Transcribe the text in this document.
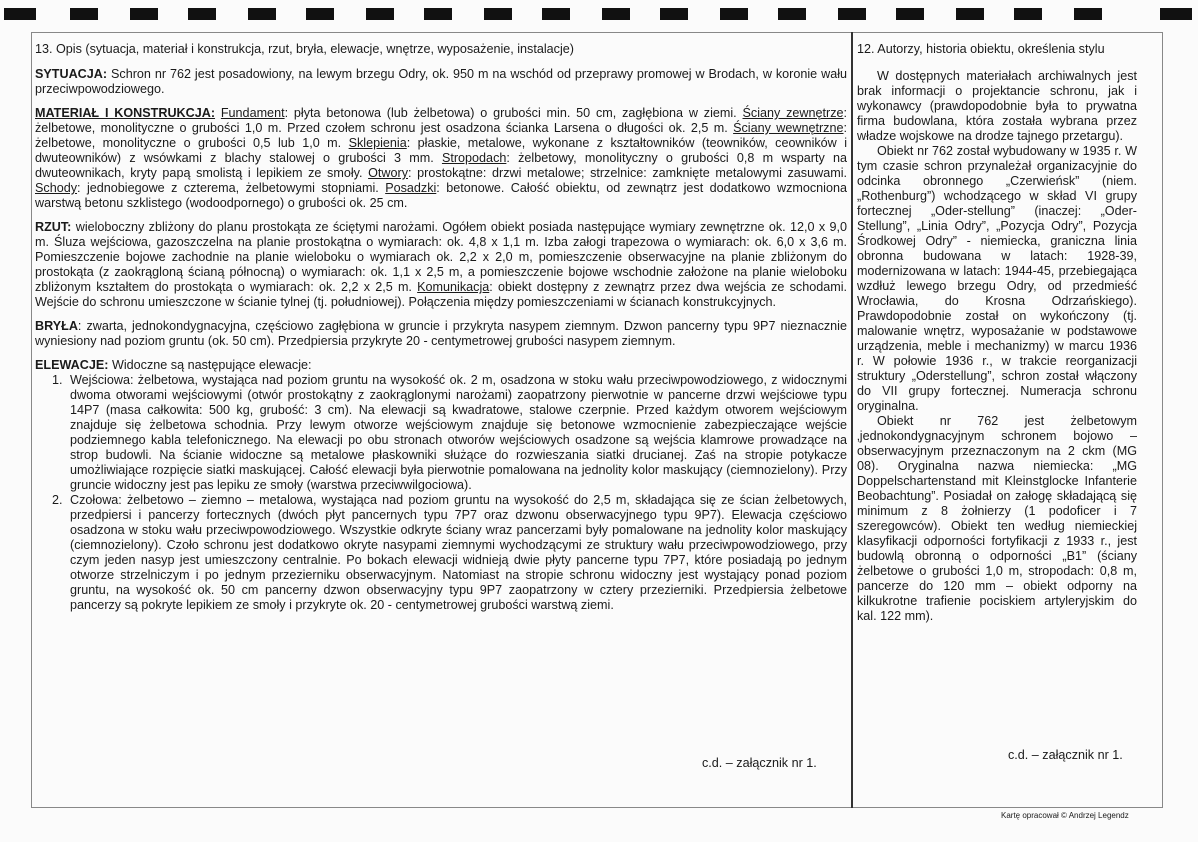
13. Opis (sytuacja, materiał i konstrukcja, rzut, bryła, elewacje, wnętrze, wyposażenie, instalacje)

SYTUACJA: Schron nr 762 jest posadowiony, na lewym brzegu Odry, ok. 950 m na wschód od przeprawy promowej w Brodach, w koronie wału przeciwpowodziowego.

MATERIAŁ I KONSTRUKCJA: Fundament: płyta betonowa (lub żelbetowa) o grubości min. 50 cm, zagłębiona w ziemi. Ściany zewnętrze: żelbetowe, monolityczne o grubości 1,0 m. Przed czołem schronu jest osadzona ścianka Larsena o długości ok. 2,5 m. Ściany wewnętrzne: żelbetowe, monolityczne o grubości 0,5 lub 1,0 m. Sklepienia: płaskie, metalowe, wykonane z kształtowników (teowników, ceowników i dwuteowników) z wsówkami z blachy stalowej o grubości 3 mm. Stropodach: żelbetowy, monolityczny o grubości 0,8 m wsparty na dwuteownikach, kryty papą smolistą i lepikiem ze smoły. Otwory: prostokątne: drzwi metalowe; strzelnice: zamknięte metalowymi zasuwami. Schody: jednobiegowe z czterema, żelbetowymi stopniami. Posadzki: betonowe. Całość obiektu, od zewnątrz jest dodatkowo wzmocniona warstwą betonu szklistego (wodoodpornego) o grubości ok. 25 cm.

RZUT: wieloboczny zbliżony do planu prostokąta ze ściętymi narożami. Ogółem obiekt posiada następujące wymiary zewnętrzne ok. 12,0 x 9,0 m. Śluza wejściowa, gazoszczelna na planie prostokątna o wymiarach: ok. 4,8 x 1,1 m. Izba załogi trapezowa o wymiarach: ok. 6,0 x 3,6 m. Pomieszczenie bojowe zachodnie na planie wieloboku o wymiarach ok. 2,2 x 2,0 m, pomieszczenie obserwacyjne na planie zbliżonym do prostokąta (z zaokrągloną ścianą północną) o wymiarach: ok. 1,1 x 2,5 m, a pomieszczenie bojowe wschodnie założone na planie wieloboku zbliżonym kształtem do prostokąta o wymiarach: ok. 2,2 x 2,5 m. Komunikacja: obiekt dostępny z zewnątrz przez dwa wejścia ze schodami. Wejście do schronu umieszczone w ścianie tylnej (tj. południowej). Połączenia między pomieszczeniami w ścianach konstrukcyjnych.

BRYŁA: zwarta, jednokondygnacyjna, częściowo zagłębiona w gruncie i przykryta nasypem ziemnym. Dzwon pancerny typu 9P7 nieznacznie wyniesiony nad poziom gruntu (ok. 50 cm). Przedpiersia przykryte 20 - centymetrowej grubości nasypem ziemnym.

ELEWACJE: Widoczne są następujące elewacje:

1. Wejściowa: żelbetowa, wystająca nad poziom gruntu na wysokość ok. 2 m, osadzona w stoku wału przeciwpowodziowego, z widocznymi dwoma otworami wejściowymi (otwór prostokątny z zaokrąglonymi narożami) zaopatrzony pierwotnie w pancerne drzwi wejściowe typu 14P7 (masa całkowita: 500 kg, grubość: 3 cm). Na elewacji są kwadratowe, stalowe czerpnie. Przed każdym otworem wejściowym znajduje się żelbetowa schodnia. Przy lewym otworze wejściowym znajduje się betonowe wzmocnienie zabezpieczające wejście podziemnego kabla telefonicznego. Na elewacji po obu stronach otworów wejściowych osadzone są wejścia klamrowe prowadzące na strop budowli. Na ścianie widoczne są metalowe płaskowniki służące do rozwieszania siatki drucianej. Zaś na stropie potykacze umożliwiające rozpięcie siatki maskującej. Całość elewacji była pierwotnie pomalowana na jednolity kolor maskujący (ciemnozielony). Przy gruncie widoczny jest pas lepiku ze smoły (warstwa przeciwwilgociowa).
2. Czołowa: żelbetowo – ziemno – metalowa, wystająca nad poziom gruntu na wysokość do 2,5 m, składająca się ze ścian żelbetowych, przedpiersi i pancerzy fortecznych (dwóch płyt pancernych typu 7P7 oraz dzwonu obserwacyjnego typu 9P7). Elewacja częściowo osadzona w stoku wału przeciwpowodziowego. Wszystkie odkryte ściany wraz pancerzami były pomalowane na jednolity kolor maskujący (ciemnozielony). Czoło schronu jest dodatkowo okryte nasypami ziemnymi wychodzącymi ze struktury wału przeciwpowodziowego, przy czym jeden nasyp jest umieszczony centralnie. Po bokach elewacji widnieją dwie płyty pancerne typu 7P7, które posiadają po jednym otworze strzelniczym i po jednym przezierniku obserwacyjnym. Natomiast na stropie schronu widoczny jest wystający ponad poziom gruntu, na wysokość ok. 50 cm pancerny dzwon obserwacyjny typu 9P7 zaopatrzony w cztery przezierniki. Przedpiersia żelbetowe pancerzy są pokryte lepikiem ze smoły i przykryte ok. 20 - centymetrowej grubości warstwą ziemi.
c.d. – załącznik nr 1.

12. Autorzy, historia obiektu, określenia stylu

W dostępnych materiałach archiwalnych jest brak informacji o projektancie schronu, jak i wykonawcy (prawdopodobnie była to prywatna firma budowlana, która została wybrana przez władze wojskowe na drodze tajnego przetargu).

Obiekt nr 762 został wybudowany w 1935 r. W tym czasie schron przynależał organizacyjnie do odcinka obronnego „Czerwieńsk” (niem. „Rothenburg”) wchodzącego w skład VI grupy fortecznej „Oder-stellung” (inaczej: „Oder-Stellung”, „Linia Odry”, „Pozycja Odry”, Pozycja Środkowej Odry” - niemiecka, graniczna linia obronna budowana w latach: 1928-39, modernizowana w latach: 1944-45, przebiegająca wzdłuż lewego brzegu Odry, od przedmieść Wrocławia, do Krosna Odrzańskiego). Prawdopodobnie został on wykończony (tj. malowanie wnętrz, wyposażanie w podstawowe urządzenia, meble i mechanizmy) w marcu 1936 r. W połowie 1936 r., w trakcie reorganizacji struktury „Oderstellung”, schron został włączony do VII grupy fortecznej. Numeracja schronu oryginalna.

Obiekt nr 762 jest żelbetowym ‚jednokondygnacyjnym schronem bojowo – obserwacyjnym przeznaczonym na 2 ckm (MG 08). Oryginalna nazwa niemiecka: „MG Doppelschartenstand mit Kleinstglocke Infanterie Beobachtung”. Posiadał on załogę składającą się minimum z 8 żołnierzy (1 podoficer i 7 szeregowców). Obiekt ten według niemieckiej klasyfikacji odporności fortyfikacji z 1933 r., jest budowlą obronną o odporności „B1” (ściany żelbetowe o grubości 1,0 m, stropodach: 0,8 m, pancerze do 120 mm – obiekt odporny na kilkukrotne trafienie pociskiem artyleryjskim do kal. 122 mm).

c.d. – załącznik nr 1.
Kartę opracował © Andrzej Legendz
